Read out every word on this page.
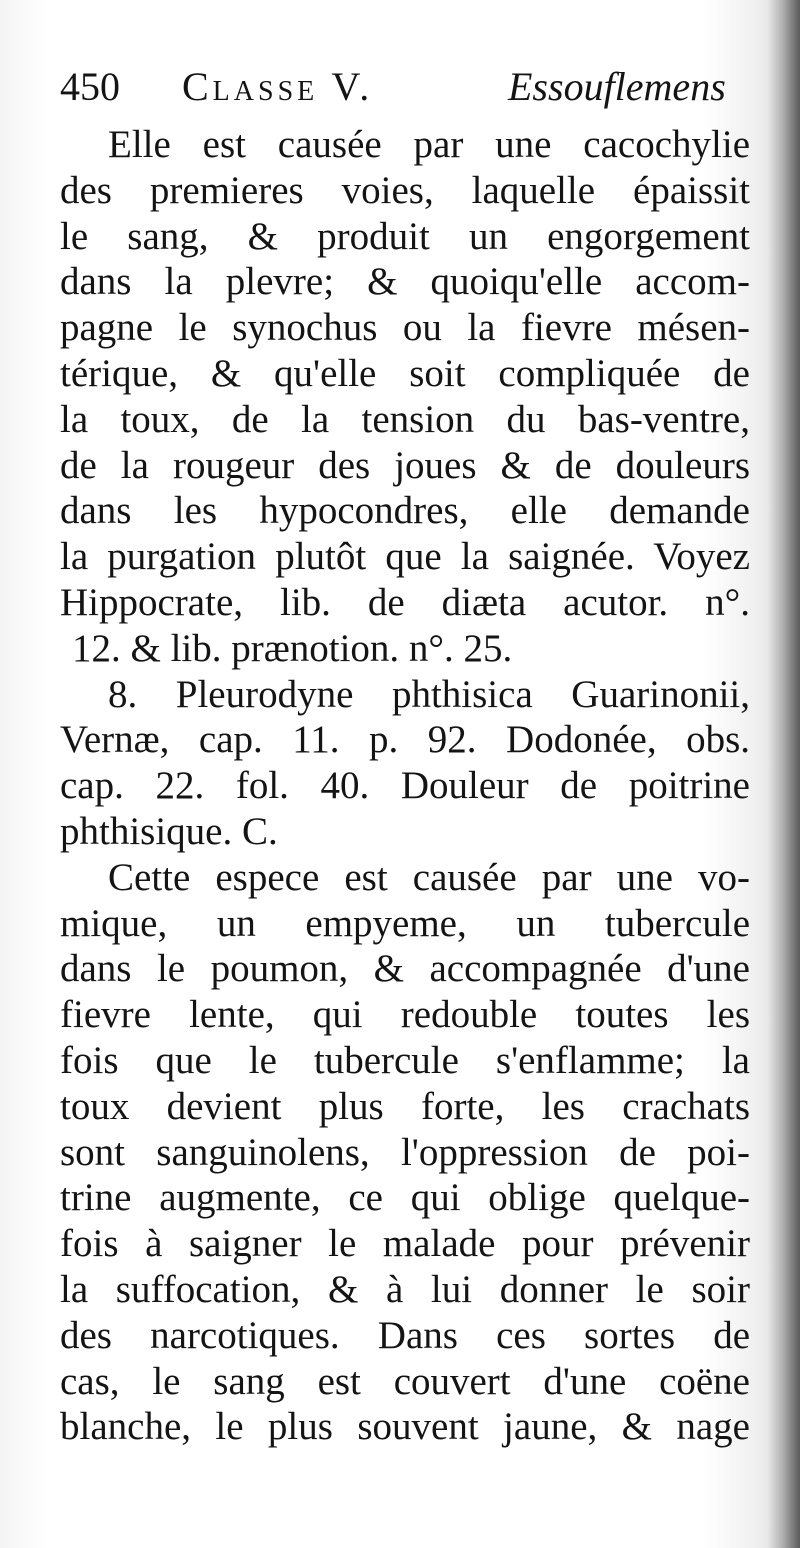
450 Classe V.	Essouflemens
Elle est causée par une cacochylie
des premieres voies, laquelle épaissit
le sang, & produit un engorgement
dans la plevre; & quoiqu'elle accom-
pagne le synochus ou la fievre mésen-
térique, & qu'elle soit compliquée de
la toux, de la tension du bas-ventre,
de la rougeur des joues & de douleurs
dans les hypocondres, elle demande
la purgation plutôt que la saignée. Voyez
Hippocrate, lib. de diæta acutor. n°.
12. & lib. prænotion. n°. 25.
8. Pleurodyne phthisica Guarinonii,
Vernæ, cap. 11. p. 92. Dodonée, obs.
cap. 22. fol. 40. Douleur de poitrine
phthisique. C.
Cette espece est causée par une vo-
mique, un empyeme, un tubercule
dans le poumon, & accompagnée d'une
fievre lente, qui redouble toutes les
fois que le tubercule s'enflamme; la
toux devient plus forte, les crachats
sont sanguinolens, l'oppression de poi-
trine augmente, ce qui oblige quelque-
fois à saigner le malade pour prévenir
la suffocation, & à lui donner le soir
des narcotiques. Dans ces sortes de
cas, le sang est couvert d'une coëne
blanche, le plus souvent jaune, & nage
